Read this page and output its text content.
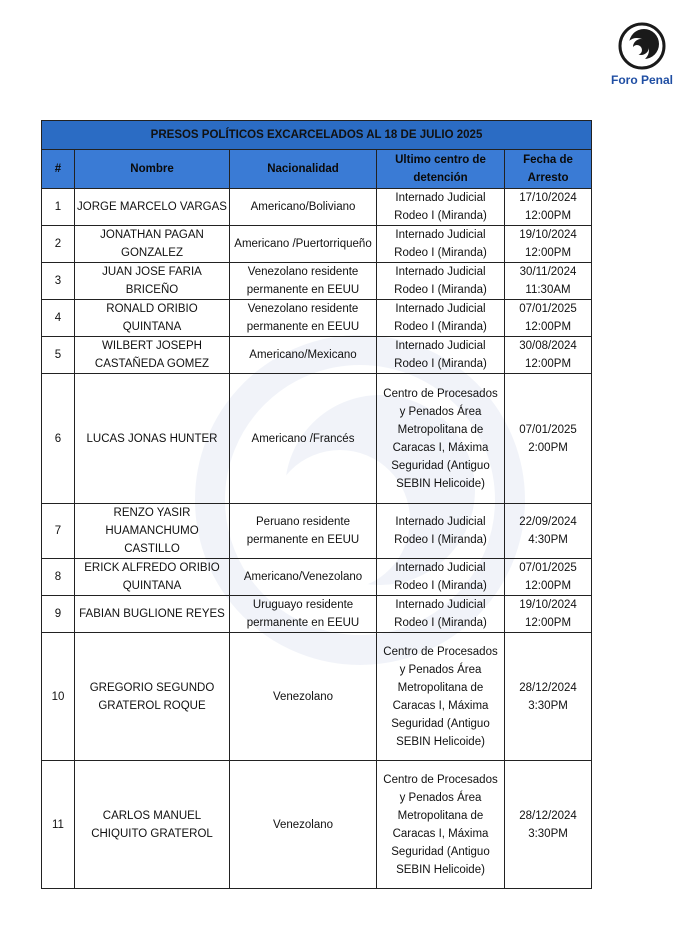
Foro Penal
PRESOS POLÍTICOS EXCARCELADOS AL 18 DE JULIO 2025				
#	Nombre	Nacionalidad	Ultimo centro de detención	Fecha de Arresto
1	JORGE MARCELO VARGAS	Americano/Boliviano	Internado Judicial Rodeo I (Miranda)	17/10/2024 12:00PM
2	JONATHAN PAGAN GONZALEZ	Americano /Puertorriqueño	Internado Judicial Rodeo I (Miranda)	19/10/2024 12:00PM
3	JUAN JOSE FARIA BRICEÑO	Venezolano residente permanente en EEUU	Internado Judicial Rodeo I (Miranda)	30/11/2024 11:30AM
4	RONALD ORIBIO QUINTANA	Venezolano residente permanente en EEUU	Internado Judicial Rodeo I (Miranda)	07/01/2025 12:00PM
5	WILBERT JOSEPH CASTAÑEDA GOMEZ	Americano/Mexicano	Internado Judicial Rodeo I (Miranda)	30/08/2024 12:00PM
6	LUCAS JONAS HUNTER	Americano /Francés	Centro de Procesados y Penados Área Metropolitana de Caracas I, Máxima Seguridad (Antiguo SEBIN Helicoide)	07/01/2025 2:00PM
7	RENZO YASIR HUAMANCHUMO CASTILLO	Peruano residente permanente en EEUU	Internado Judicial Rodeo I (Miranda)	22/09/2024 4:30PM
8	ERICK ALFREDO ORIBIO QUINTANA	Americano/Venezolano	Internado Judicial Rodeo I (Miranda)	07/01/2025 12:00PM
9	FABIAN BUGLIONE REYES	Uruguayo residente permanente en EEUU	Internado Judicial Rodeo I (Miranda)	19/10/2024 12:00PM
10	GREGORIO SEGUNDO GRATEROL ROQUE	Venezolano	Centro de Procesados y Penados Área Metropolitana de Caracas I, Máxima Seguridad (Antiguo SEBIN Helicoide)	28/12/2024 3:30PM
11	CARLOS MANUEL CHIQUITO GRATEROL	Venezolano	Centro de Procesados y Penados Área Metropolitana de Caracas I, Máxima Seguridad (Antiguo SEBIN Helicoide)	28/12/2024 3:30PM
